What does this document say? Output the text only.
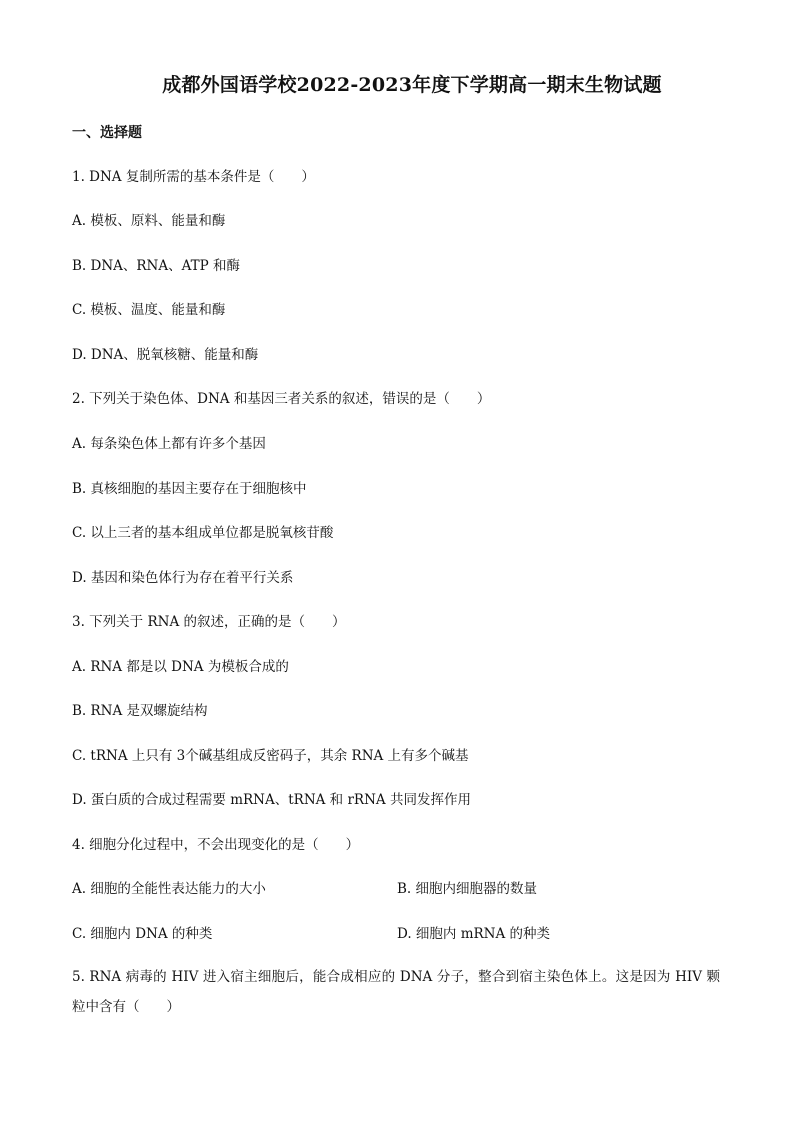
成都外国语学校2022-2023年度下学期高一期末生物试题
一、选择题
1. DNA 复制所需的基本条件是（　　）
A. 模板、原料、能量和酶
B. DNA、RNA、ATP 和酶
C. 模板、温度、能量和酶
D. DNA、脱氧核糖、能量和酶
2. 下列关于染色体、DNA 和基因三者关系的叙述，错误的是（　　）
A. 每条染色体上都有许多个基因
B. 真核细胞的基因主要存在于细胞核中
C. 以上三者的基本组成单位都是脱氧核苷酸
D. 基因和染色体行为存在着平行关系
3. 下列关于 RNA 的叙述，正确的是（　　）
A. RNA 都是以 DNA 为模板合成的
B. RNA 是双螺旋结构
C. tRNA 上只有 3个碱基组成反密码子，其余 RNA 上有多个碱基
D. 蛋白质的合成过程需要 mRNA、tRNA 和 rRNA 共同发挥作用
4. 细胞分化过程中，不会出现变化的是（　　）
A. 细胞的全能性表达能力的大小	B. 细胞内细胞器的数量
C. 细胞内 DNA 的种类	D. 细胞内 mRNA 的种类
5. RNA 病毒的 HIV 进入宿主细胞后，能合成相应的 DNA 分子，整合到宿主染色体上。这是因为 HIV 颗粒中含有（　　）
